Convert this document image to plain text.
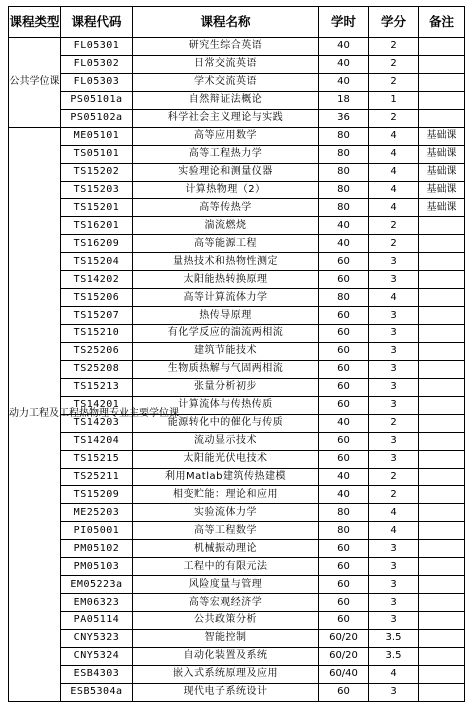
课程类型	课程代码	课程名称	学时	学分	备注
公共学位课	FL05301	研究生综合英语	40	2	
	FL05302	日常交流英语	40	2	
	FL05303	学术交流英语	40	2	
	PS05101a	自然辩证法概论	18	1	
	PS05102a	科学社会主义理论与实践	36	2	
动力工程及工程热物理专业主要学位课	ME05101	高等应用数学	80	4	基础课
	TS05101	高等工程热力学	80	4	基础课
	TS15202	实验理论和测量仪器	80	4	基础课
	TS15203	计算热物理（2）	80	4	基础课
	TS15201	高等传热学	80	4	基础课
	TS16201	湍流燃烧	40	2	
	TS16209	高等能源工程	40	2	
	TS15204	量热技术和热物性测定	60	3	
	TS14202	太阳能热转换原理	60	3	
	TS15206	高等计算流体力学	80	4	
	TS15207	热传导原理	60	3	
	TS15210	有化学反应的湍流两相流	60	3	
	TS25206	建筑节能技术	60	3	
	TS25208	生物质热解与气固两相流	60	3	
	TS15213	张量分析初步	60	3	
	TS14201	计算流体与传热传质	60	3	
	TS14203	能源转化中的催化与传质	40	2	
	TS14204	流动显示技术	60	3	
	TS15215	太阳能光伏电技术	60	3	
	TS25211	利用Matlab建筑传热建模	40	2	
	TS15209	相变贮能：理论和应用	40	2	
	ME25203	实验流体力学	80	4	
	PI05001	高等工程数学	80	4	
	PM05102	机械振动理论	60	3	
	PM05103	工程中的有限元法	60	3	
	EM05223a	风险度量与管理	60	3	
	EM06323	高等宏观经济学	60	3	
	PA05114	公共政策分析	60	3	
	CNY5323	智能控制	60/20	3.5	
	CNY5324	自动化装置及系统	60/20	3.5	
	ESB4303	嵌入式系统原理及应用	60/40	4	
	ESB5304a	现代电子系统设计	60	3	
